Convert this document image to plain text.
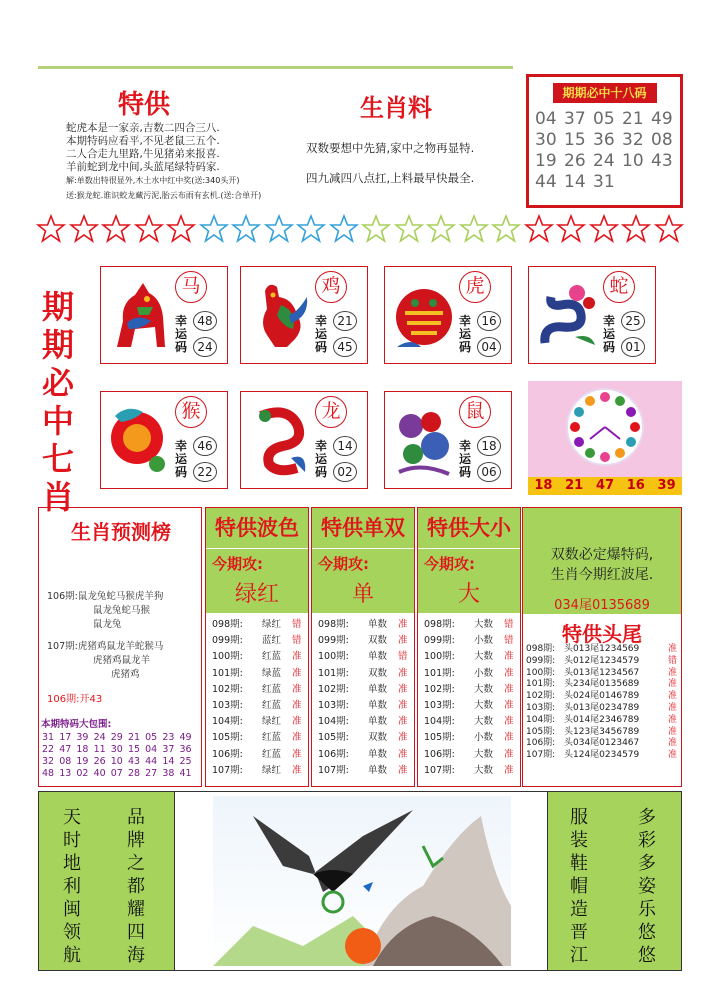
特供
蛇虎本是一家亲,吉数二四合三八.
本期特码应看平,不见老鼠三五个.
二人合走九里路,牛见猪弟来报喜.
羊前蛇到龙中间,头蓝尾绿特码家.
解:单数出特很显外,木土水中红中奖(送:340头开)
送:猴龙蛇.谁识蛟龙藏污泥,胎云布雨有玄机.(送:合单开)
生肖料
双数要想中先猜,家中之物再显特.
四九减四八点扛,上料最早快最全.
期期必中十八码
04 37 05 21 49
30 15 36 32 08
19 26 24 10 43
44 14 31
期
期
必
中
七
肖
马
幸
运
码
48
24
鸡
幸
运
码
21
45
虎
幸
运
码
16
04
蛇
幸
运
码
25
01
猴
幸
运
码
46
22
龙
幸
运
码
14
02
鼠
幸
运
码
18
06
18 21 47 16 39
生肖预测榜
106期:鼠龙兔蛇马猴虎羊狗
鼠龙兔蛇马猴
鼠龙兔
107期:虎猪鸡鼠龙羊蛇猴马
虎猪鸡鼠龙羊
虎猪鸡
106期:开43
本期特码大包围:
31 17 39 24 29 21 05 23 49
22 47 18 11 30 15 04 37 36
32 08 19 26 10 43 44 14 25
48 13 02 40 07 28 27 38 41
特供波色
今期攻:
绿红
098期:	绿红	错
099期:	蓝红	错
100期:	红蓝	准
101期:	绿蓝	准
102期:	红蓝	准
103期:	红蓝	准
104期:	绿红	准
105期:	红蓝	准
106期:	红蓝	准
107期:	绿红	准
特供单双
今期攻:
单
098期:	单数	准
099期:	双数	准
100期:	单数	错
101期:	双数	准
102期:	单数	准
103期:	单数	准
104期:	单数	准
105期:	双数	准
106期:	单数	准
107期:	单数	准
特供大小
今期攻:
大
098期:	大数	错
099期:	小数	错
100期:	大数	准
101期:	小数	准
102期:	大数	准
103期:	大数	准
104期:	大数	准
105期:	小数	准
106期:	大数	准
107期:	大数	准
双数必定爆特码,
生肖今期红波尾.
034尾0135689
特供头尾
098期: 头013尾1234569	准
099期: 头012尾1234579	错
100期: 头013尾1234567	准
101期: 头234尾0135689	准
102期: 头024尾0146789	准
103期: 头013尾0234789	准
104期: 头014尾2346789	准
105期: 头123尾3456789	准
106期: 头034尾0123467	准
107期: 头124尾0234579	准
天
时
地
利
闽
领
航
品
牌
之
都
耀
四
海
服
装
鞋
帽
造
晋
江
多
彩
多
姿
乐
悠
悠
